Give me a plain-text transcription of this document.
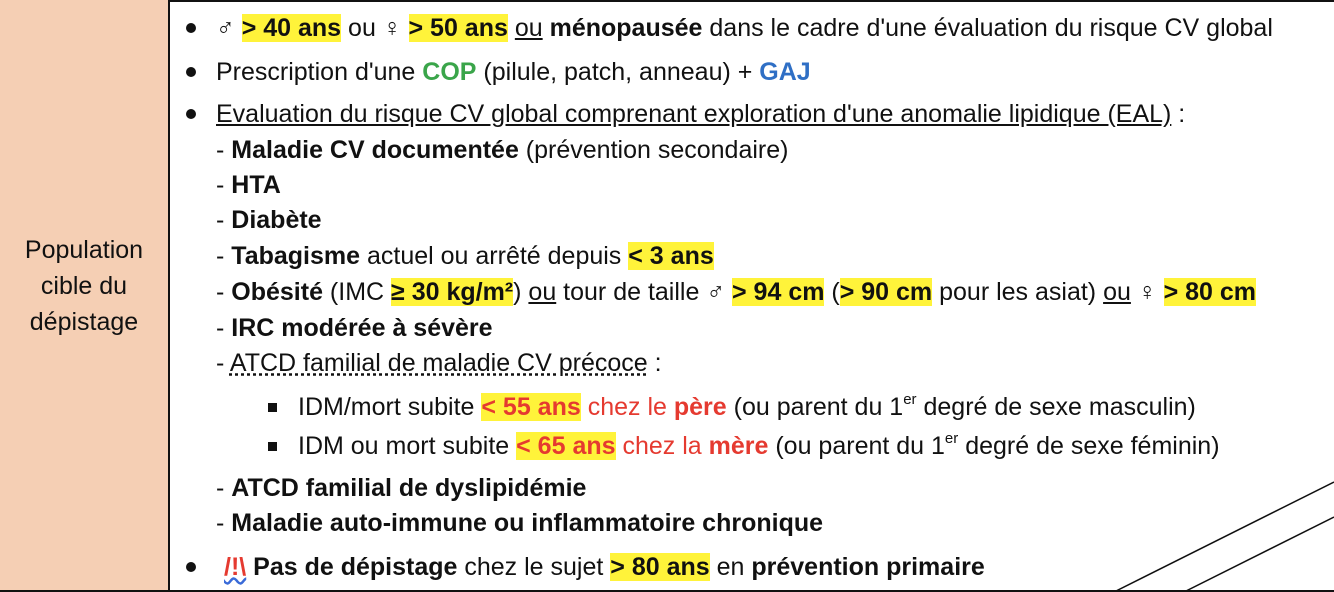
Population cible du dépistage
♂ > 40 ans ou ♀ > 50 ans ou ménopausée dans le cadre d'une évaluation du risque CV global
Prescription d'une COP (pilule, patch, anneau) + GAJ
Evaluation du risque CV global comprenant exploration d'une anomalie lipidique (EAL) :
- Maladie CV documentée (prévention secondaire)
- HTA
- Diabète
- Tabagisme actuel ou arrêté depuis < 3 ans
- Obésité (IMC ≥ 30 kg/m²) ou tour de taille ♂ > 94 cm (> 90 cm pour les asiat) ou ♀ > 80 cm
- IRC modérée à sévère
- ATCD familial de maladie CV précoce :
IDM/mort subite < 55 ans chez le père (ou parent du 1er degré de sexe masculin)
IDM ou mort subite < 65 ans chez la mère (ou parent du 1er degré de sexe féminin)
- ATCD familial de dyslipidémie
- Maladie auto-immune ou inflammatoire chronique
/!\ Pas de dépistage chez le sujet > 80 ans en prévention primaire
